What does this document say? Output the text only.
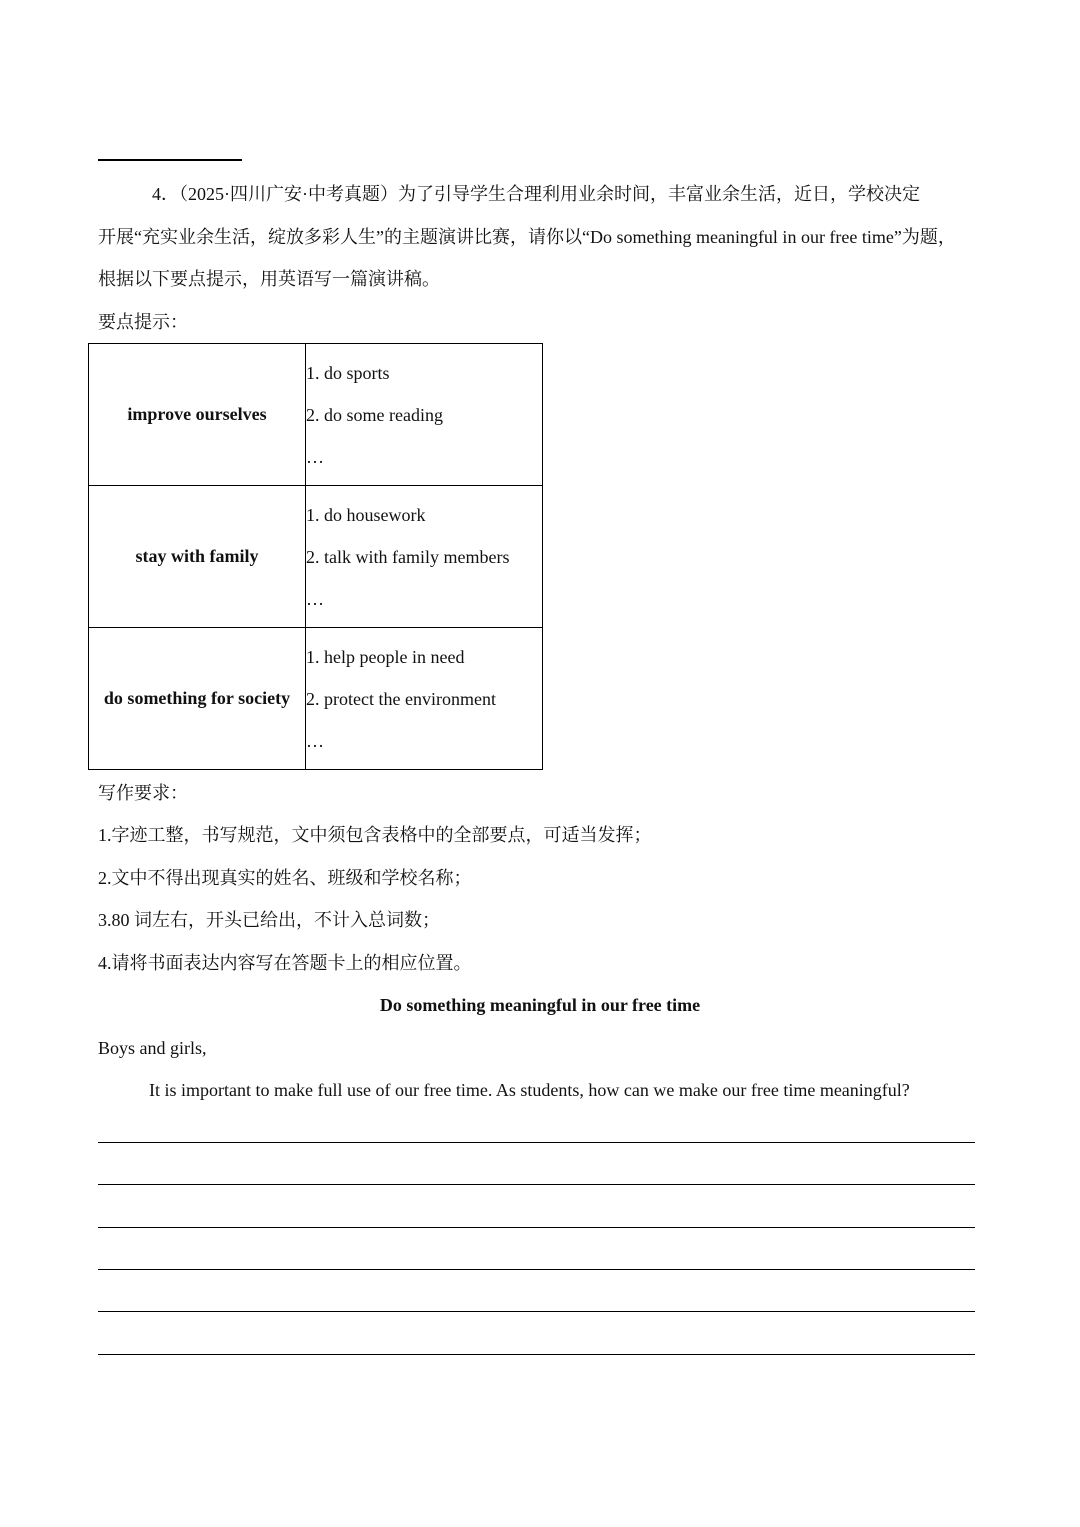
4．（2025·四川广安·中考真题）为了引导学生合理利用业余时间，丰富业余生活，近日，学校决定
开展“充实业余生活，绽放多彩人生”的主题演讲比赛，请你以“Do something meaningful in our free time”为题，
根据以下要点提示，用英语写一篇演讲稿。
要点提示：
improve ourselves	1. do sports
2. do some reading
…

stay with family	1. do housework
2. talk with family members
…

do something for society	1. help people in need
2. protect the environment
…
写作要求：
1.字迹工整，书写规范，文中须包含表格中的全部要点，可适当发挥；
2.文中不得出现真实的姓名、班级和学校名称；
3.80 词左右，开头已给出，不计入总词数；
4.请将书面表达内容写在答题卡上的相应位置。
Do something meaningful in our free time
Boys and girls,
It is important to make full use of our free time. As students, how can we make our free time meaningful?
